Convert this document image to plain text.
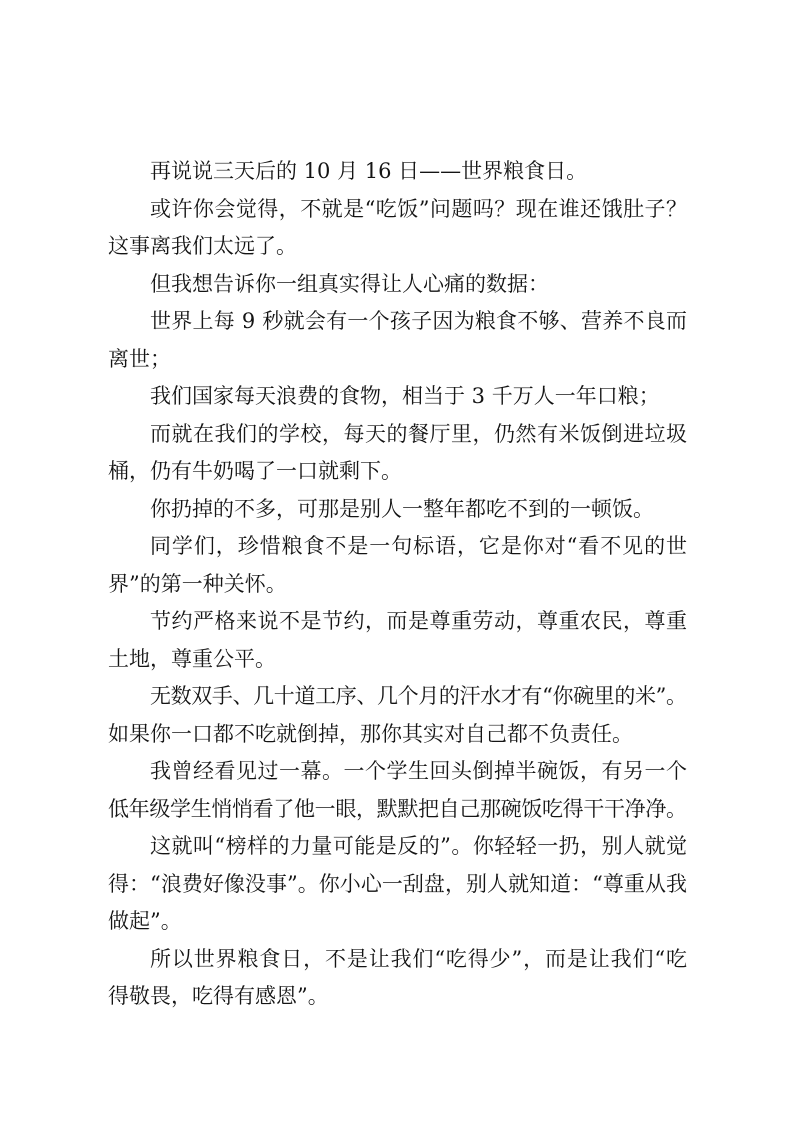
再说说三天后的 10 月 16 日——世界粮食日。
或许你会觉得，不就是“吃饭”问题吗？现在谁还饿肚子？
这事离我们太远了。
但我想告诉你一组真实得让人心痛的数据：
世界上每 9 秒就会有一个孩子因为粮食不够、营养不良而
离世；
我们国家每天浪费的食物，相当于 3 千万人一年口粮；
而就在我们的学校，每天的餐厅里，仍然有米饭倒进垃圾
桶，仍有牛奶喝了一口就剩下。
你扔掉的不多，可那是别人一整年都吃不到的一顿饭。
同学们，珍惜粮食不是一句标语，它是你对“看不见的世
界”的第一种关怀。
节约严格来说不是节约，而是尊重劳动，尊重农民，尊重
土地，尊重公平。
无数双手、几十道工序、几个月的汗水才有“你碗里的米”。
如果你一口都不吃就倒掉，那你其实对自己都不负责任。
我曾经看见过一幕。一个学生回头倒掉半碗饭，有另一个
低年级学生悄悄看了他一眼，默默把自己那碗饭吃得干干净净。
这就叫“榜样的力量可能是反的”。你轻轻一扔，别人就觉
得：“浪费好像没事”。你小心一刮盘，别人就知道：“尊重从我
做起”。
所以世界粮食日，不是让我们“吃得少”，而是让我们“吃
得敬畏，吃得有感恩”。
